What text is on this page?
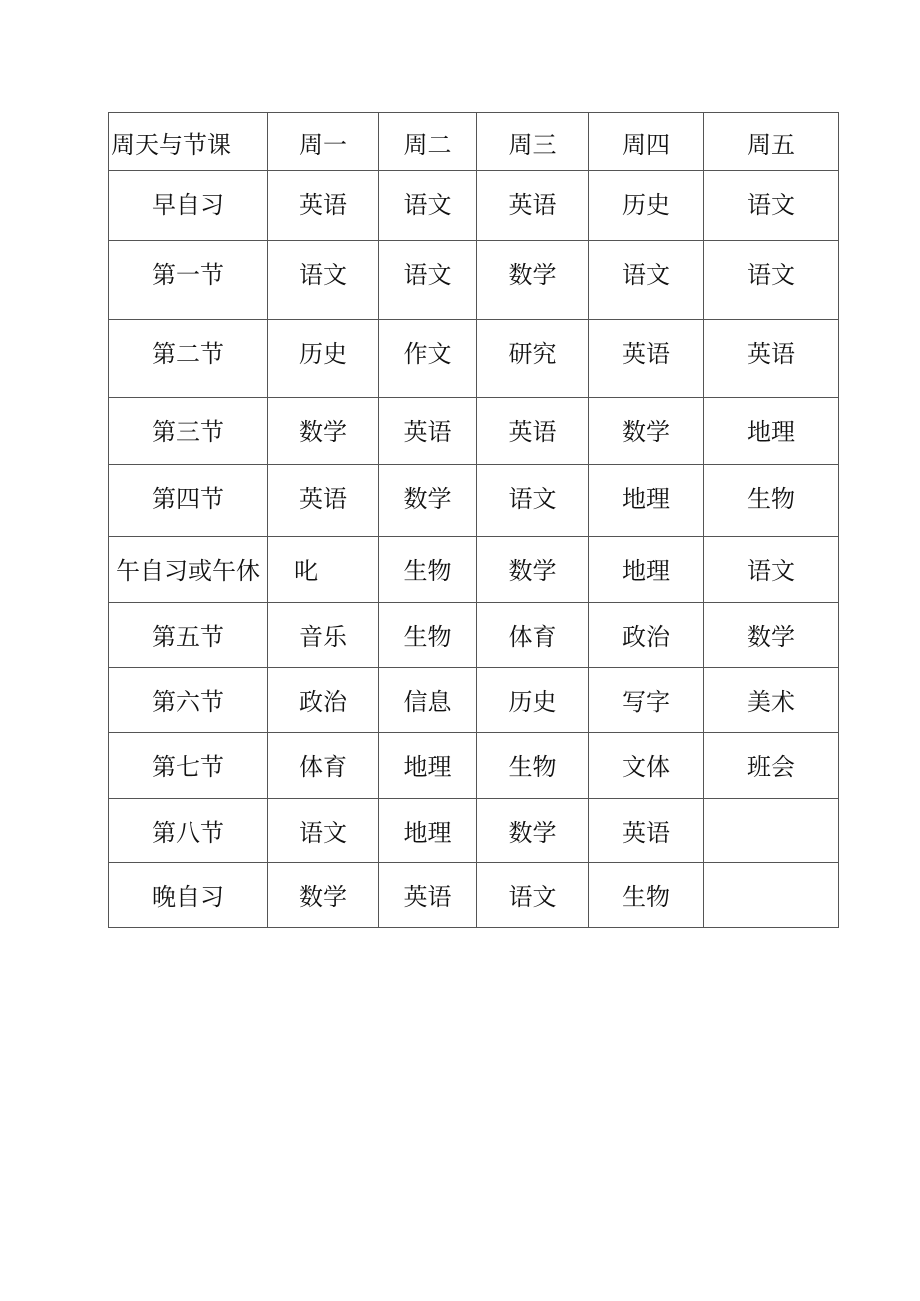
周天与节课	周一	周二	周三	周四	周五

早自习	英语	语文	英语	历史	语文

第一节	语文	语文	数学	语文	语文

第二节	历史	作文	研究	英语	英语

第三节	数学	英语	英语	数学	地理

第四节	英语	数学	语文	地理	生物

午自习或午休	叱	生物	数学	地理	语文

第五节	音乐	生物	体育	政治	数学

第六节	政治	信息	历史	写字	美术

第七节	体育	地理	生物	文体	班会

第八节	语文	地理	数学	英语	

晚自习	数学	英语	语文	生物	
